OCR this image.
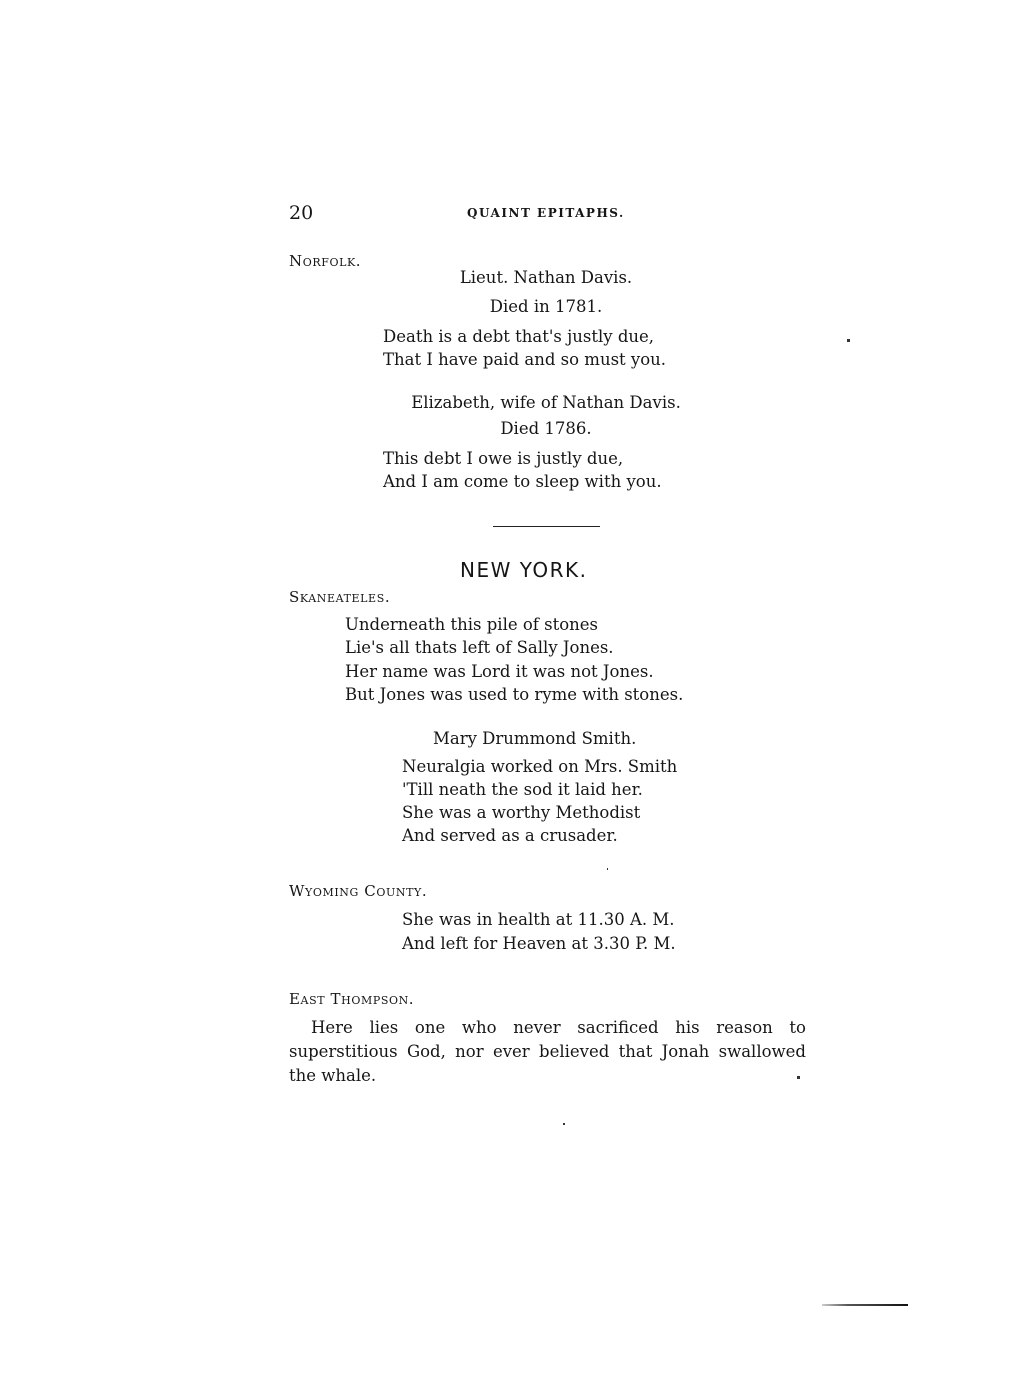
20	QUAINT EPITAPHS.
Norfolk.
Lieut. Nathan Davis.
Died in 1781.
Death is a debt that's justly due,
That I have paid and so must you.
Elizabeth, wife of Nathan Davis.
Died 1786.
This debt I owe is justly due,
And I am come to sleep with you.
NEW YORK.
Skaneateles.
Underneath this pile of stones
Lie's all thats left of Sally Jones.
Her name was Lord it was not Jones.
But Jones was used to ryme with stones.
Mary Drummond Smith.
Neuralgia worked on Mrs. Smith
'Till neath the sod it laid her.
She was a worthy Methodist
And served as a crusader.
Wyoming County.
She was in health at 11.30 A. M.
And left for Heaven at 3.30 P. M.
East Thompson.
Here lies one who never sacrificed his reason to superstitious God, nor ever believed that Jonah swallowed the whale.
